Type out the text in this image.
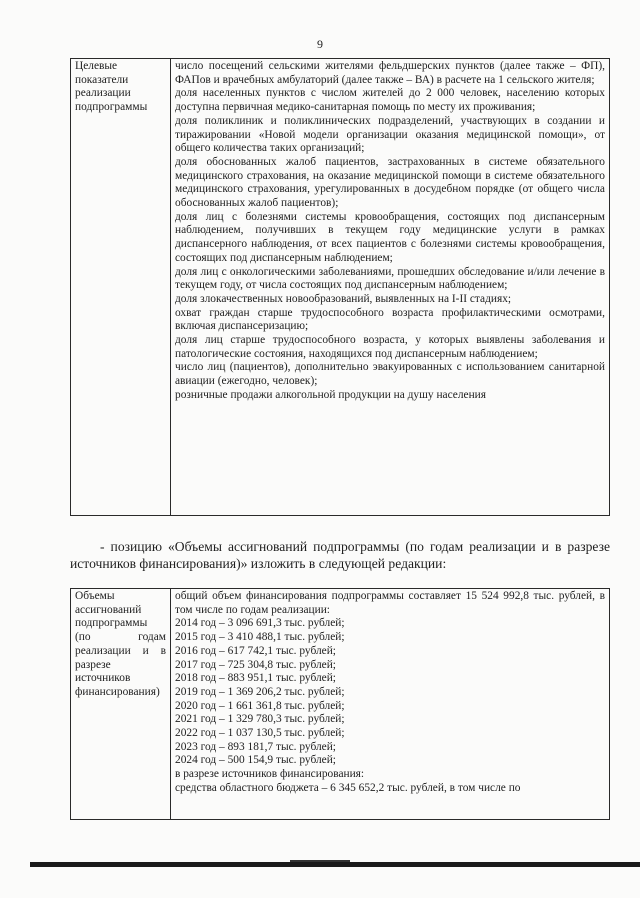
9
Целевые
показатели
реализации
подпрограммы

число посещений сельскими жителями фельдшерских пунктов (далее также – ФП), ФАПов и врачебных амбулаторий (далее также – ВА) в расчете на 1 сельского жителя;
доля населенных пунктов с числом жителей до 2 000 человек, населению которых доступна первичная медико-санитарная помощь по месту их проживания;
доля поликлиник и поликлинических подразделений, участвующих в создании и тиражировании «Новой модели организации оказания медицинской помощи», от общего количества таких организаций;
доля обоснованных жалоб пациентов, застрахованных в системе обязательного медицинского страхования, на оказание медицинской помощи в системе обязательного медицинского страхования, урегулированных в досудебном порядке (от общего числа обоснованных жалоб пациентов);
доля лиц с болезнями системы кровообращения, состоящих под диспансерным наблюдением, получивших в текущем году медицинские услуги в рамках диспансерного наблюдения, от всех пациентов с болезнями системы кровообращения, состоящих под диспансерным наблюдением;
доля лиц с онкологическими заболеваниями, прошедших обследование и/или лечение в текущем году, от числа состоящих под диспансерным наблюдением;
доля злокачественных новообразований, выявленных на I-II стадиях;
охват граждан старше трудоспособного возраста профилактическими осмотрами, включая диспансеризацию;
доля лиц старше трудоспособного возраста, у которых выявлены заболевания и патологические состояния, находящихся под диспансерным наблюдением;
число лиц (пациентов), дополнительно эвакуированных с использованием санитарной авиации (ежегодно, человек);
розничные продажи алкогольной продукции на душу населения
- позицию «Объемы ассигнований подпрограммы (по годам реализации и в разрезе источников финансирования)» изложить в следующей редакции:
Объемы
ассигнований
подпрограммы
(по годам
реализации и в
разрезе
источников
финансирования)

общий объем финансирования подпрограммы составляет 15 524 992,8 тыс. рублей, в том числе по годам реализации:
2014 год – 3 096 691,3 тыс. рублей;
2015 год – 3 410 488,1 тыс. рублей;
2016 год – 617 742,1 тыс. рублей;
2017 год – 725 304,8 тыс. рублей;
2018 год – 883 951,1 тыс. рублей;
2019 год – 1 369 206,2 тыс. рублей;
2020 год – 1 661 361,8 тыс. рублей;
2021 год – 1 329 780,3 тыс. рублей;
2022 год – 1 037 130,5 тыс. рублей;
2023 год – 893 181,7 тыс. рублей;
2024 год – 500 154,9 тыс. рублей;
в разрезе источников финансирования:
средства областного бюджета – 6 345 652,2 тыс. рублей, в том числе по
